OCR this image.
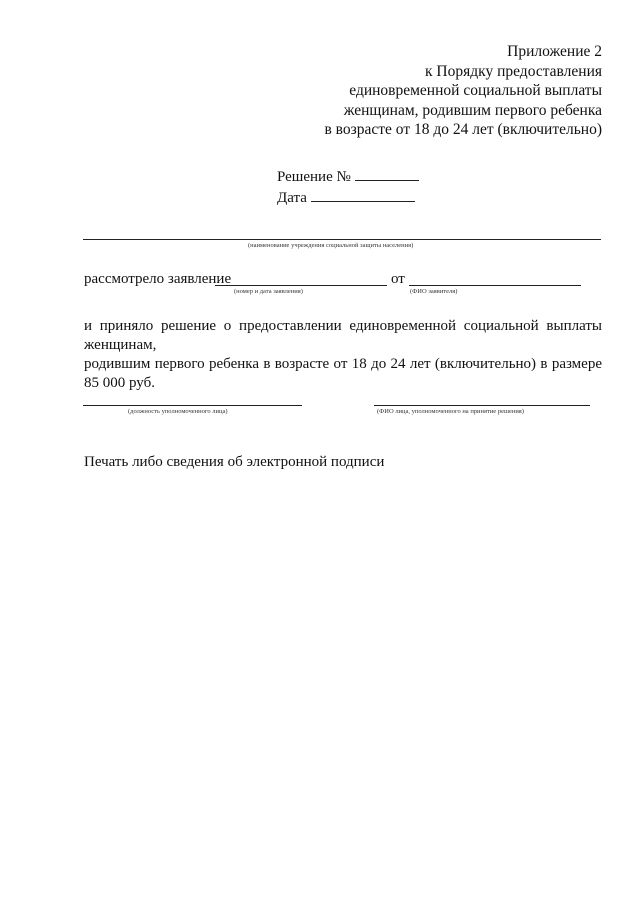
Приложение 2
к Порядку предоставления
единовременной социальной выплаты
женщинам, родившим первого ребенка
в возрасте от 18 до 24 лет (включительно)
Решение №
Дата
(наименование учреждения социальной защиты населения)
рассмотрело заявление	от
(номер и дата заявления)	(ФИО заявителя)
и приняло решение о предоставлении единовременной социальной выплаты женщинам,
родившим первого ребенка в возрасте от 18 до 24 лет (включительно) в размере 85 000 руб.
(должность уполномоченного лица)	(ФИО лица, уполномоченного на принятие решения)
Печать либо сведения об электронной подписи
